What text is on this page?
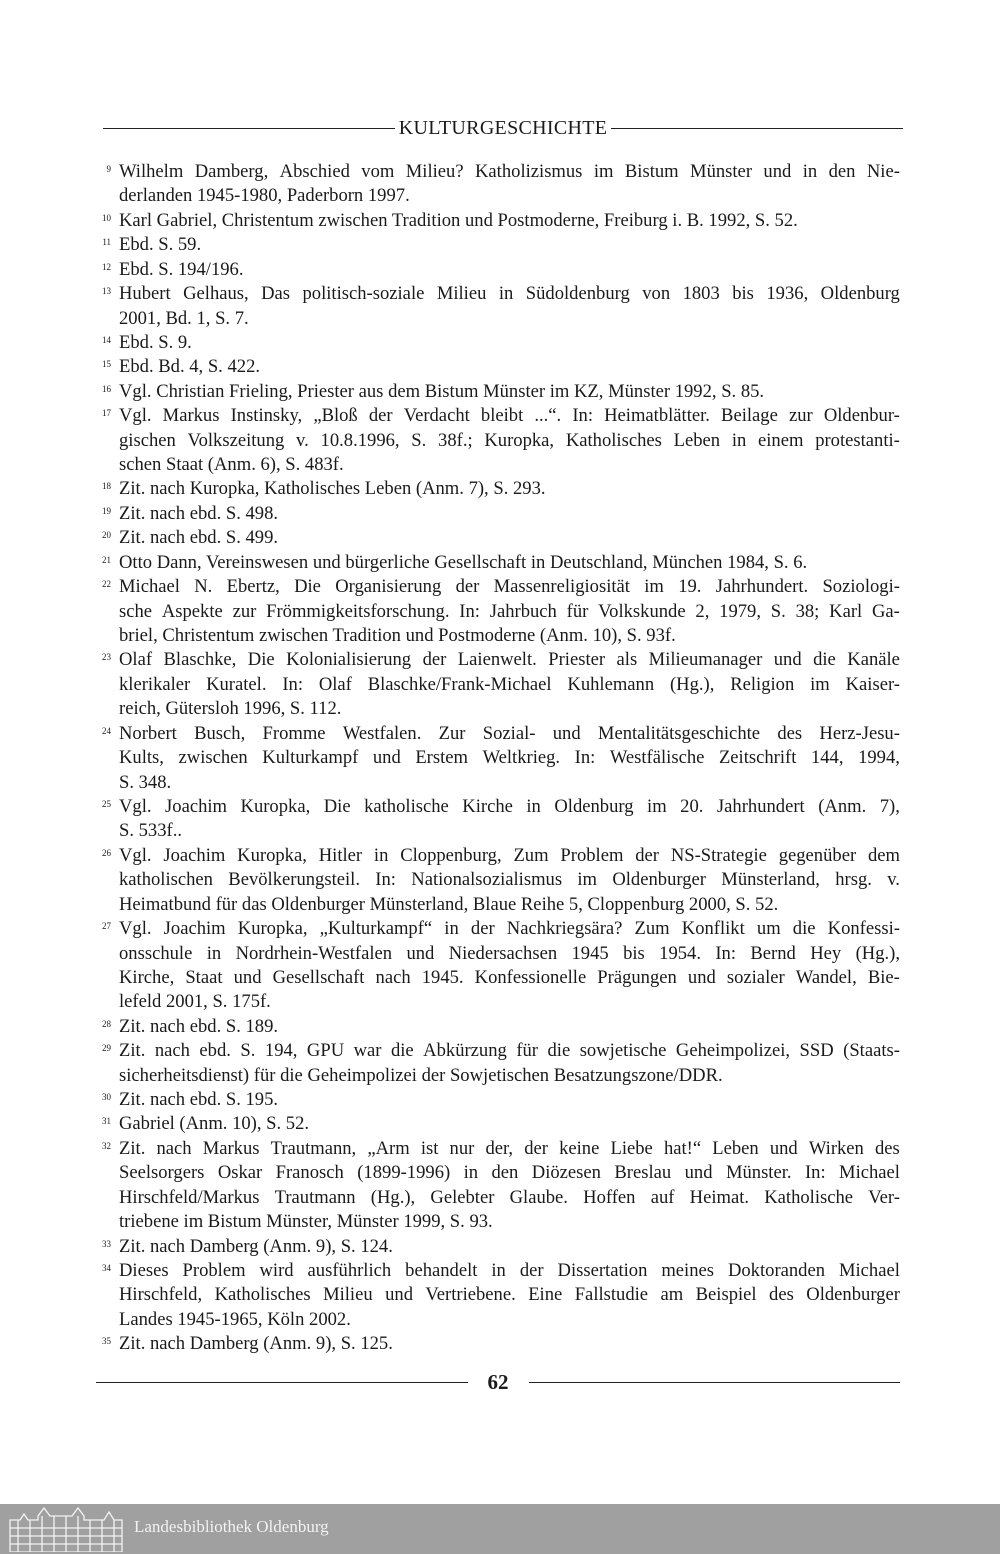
KULTURGESCHICHTE
9 Wilhelm Damberg, Abschied vom Milieu? Katholizismus im Bistum Münster und in den Nie-
derlanden 1945-1980, Paderborn 1997.
10 Karl Gabriel, Christentum zwischen Tradition und Postmoderne, Freiburg i. B. 1992, S. 52.
11 Ebd. S. 59.
12 Ebd. S. 194/196.
13 Hubert Gelhaus, Das politisch-soziale Milieu in Südoldenburg von 1803 bis 1936, Oldenburg
2001, Bd. 1, S. 7.
14 Ebd. S. 9.
15 Ebd. Bd. 4, S. 422.
16 Vgl. Christian Frieling, Priester aus dem Bistum Münster im KZ, Münster 1992, S. 85.
17 Vgl. Markus Instinsky, „Bloß der Verdacht bleibt ...“. In: Heimatblätter. Beilage zur Oldenbur-
gischen Volkszeitung v. 10.8.1996, S. 38f.; Kuropka, Katholisches Leben in einem protestanti-
schen Staat (Anm. 6), S. 483f.
18 Zit. nach Kuropka, Katholisches Leben (Anm. 7), S. 293.
19 Zit. nach ebd. S. 498.
20 Zit. nach ebd. S. 499.
21 Otto Dann, Vereinswesen und bürgerliche Gesellschaft in Deutschland, München 1984, S. 6.
22 Michael N. Ebertz, Die Organisierung der Massenreligiosität im 19. Jahrhundert. Soziologi-
sche Aspekte zur Frömmigkeitsforschung. In: Jahrbuch für Volkskunde 2, 1979, S. 38; Karl Ga-
briel, Christentum zwischen Tradition und Postmoderne (Anm. 10), S. 93f.
23 Olaf Blaschke, Die Kolonialisierung der Laienwelt. Priester als Milieumanager und die Kanäle
klerikaler Kuratel. In: Olaf Blaschke/Frank-Michael Kuhlemann (Hg.), Religion im Kaiser-
reich, Gütersloh 1996, S. 112.
24 Norbert Busch, Fromme Westfalen. Zur Sozial- und Mentalitätsgeschichte des Herz-Jesu-
Kults, zwischen Kulturkampf und Erstem Weltkrieg. In: Westfälische Zeitschrift 144, 1994,
S. 348.
25 Vgl. Joachim Kuropka, Die katholische Kirche in Oldenburg im 20. Jahrhundert (Anm. 7),
S. 533f..
26 Vgl. Joachim Kuropka, Hitler in Cloppenburg, Zum Problem der NS-Strategie gegenüber dem
katholischen Bevölkerungsteil. In: Nationalsozialismus im Oldenburger Münsterland, hrsg. v.
Heimatbund für das Oldenburger Münsterland, Blaue Reihe 5, Cloppenburg 2000, S. 52.
27 Vgl. Joachim Kuropka, „Kulturkampf“ in der Nachkriegsära? Zum Konflikt um die Konfessi-
onsschule in Nordrhein-Westfalen und Niedersachsen 1945 bis 1954. In: Bernd Hey (Hg.),
Kirche, Staat und Gesellschaft nach 1945. Konfessionelle Prägungen und sozialer Wandel, Bie-
lefeld 2001, S. 175f.
28 Zit. nach ebd. S. 189.
29 Zit. nach ebd. S. 194, GPU war die Abkürzung für die sowjetische Geheimpolizei, SSD (Staats-
sicherheitsdienst) für die Geheimpolizei der Sowjetischen Besatzungszone/DDR.
30 Zit. nach ebd. S. 195.
31 Gabriel (Anm. 10), S. 52.
32 Zit. nach Markus Trautmann, „Arm ist nur der, der keine Liebe hat!“ Leben und Wirken des
Seelsorgers Oskar Franosch (1899-1996) in den Diözesen Breslau und Münster. In: Michael
Hirschfeld/Markus Trautmann (Hg.), Gelebter Glaube. Hoffen auf Heimat. Katholische Ver-
triebene im Bistum Münster, Münster 1999, S. 93.
33 Zit. nach Damberg (Anm. 9), S. 124.
34 Dieses Problem wird ausführlich behandelt in der Dissertation meines Doktoranden Michael
Hirschfeld, Katholisches Milieu und Vertriebene. Eine Fallstudie am Beispiel des Oldenburger
Landes 1945-1965, Köln 2002.
35 Zit. nach Damberg (Anm. 9), S. 125.
62
Landesbibliothek Oldenburg
